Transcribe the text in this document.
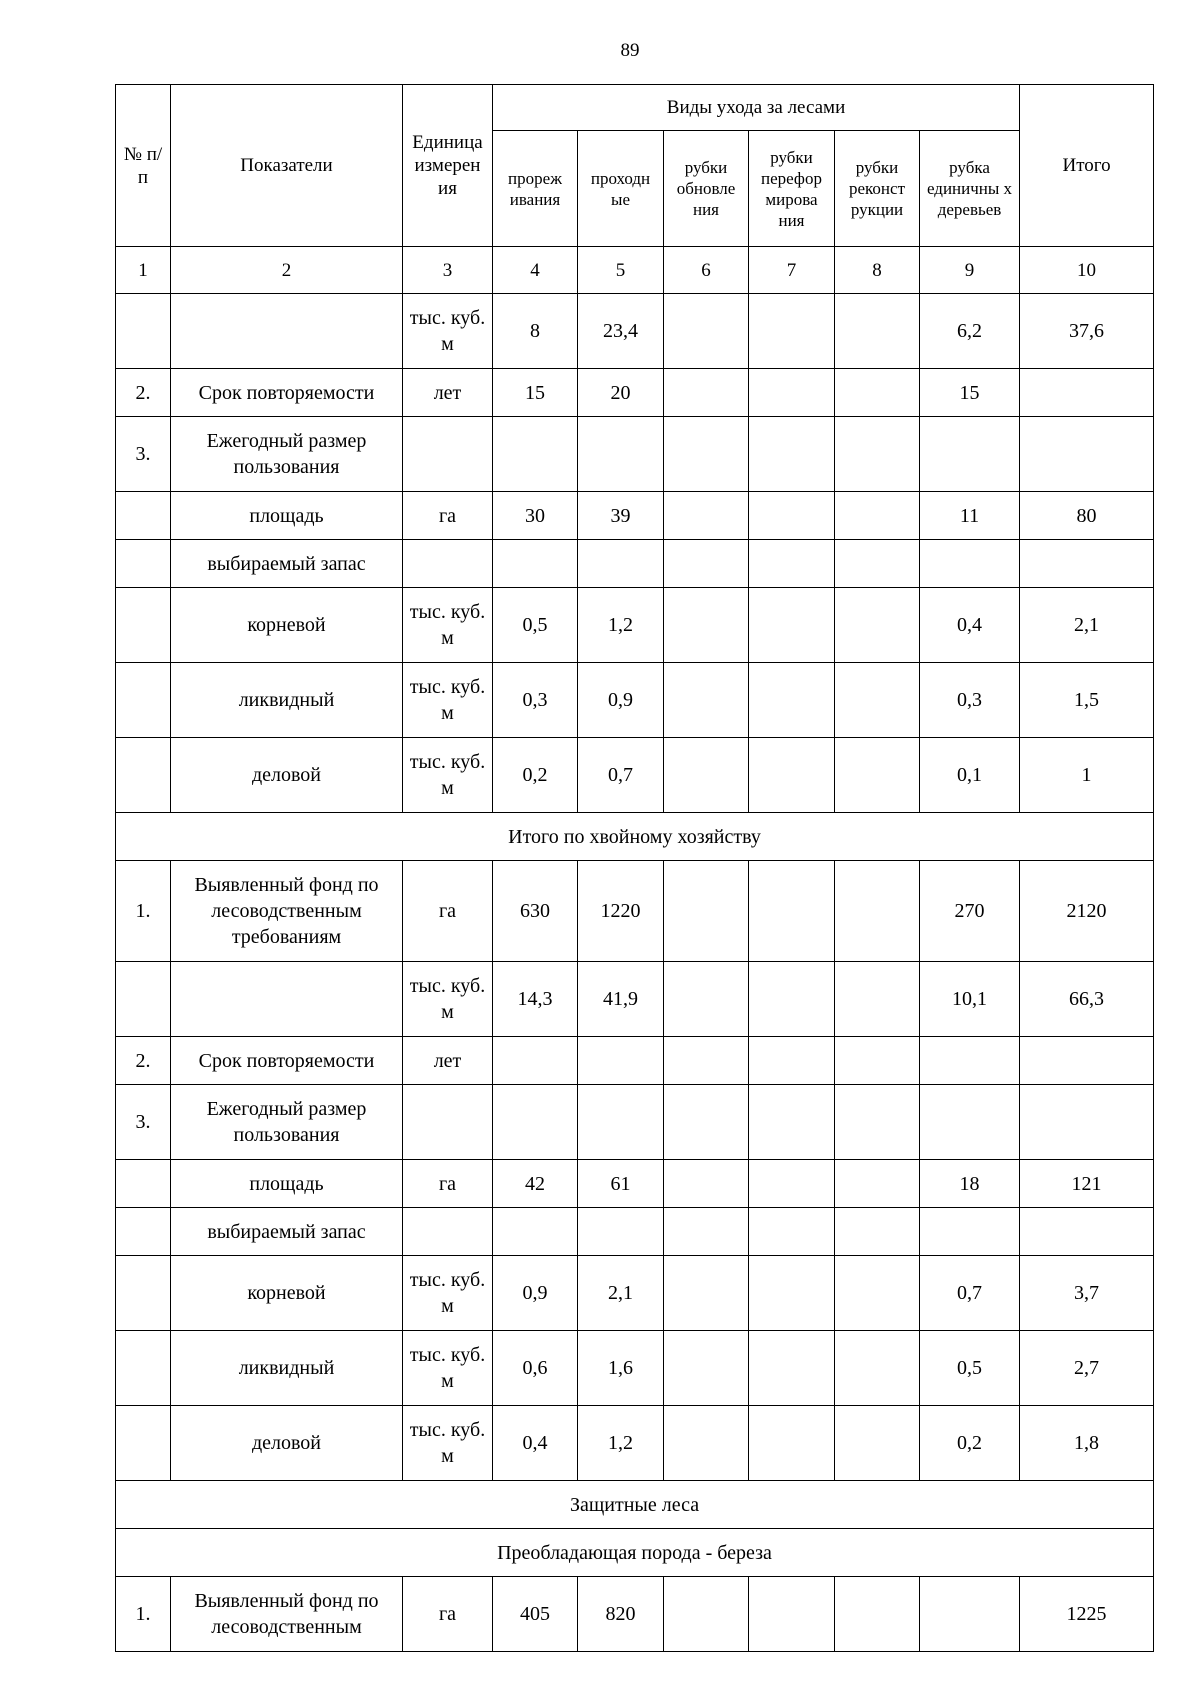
89
№ п/п	Показатели	Единица измерен ия	Виды ухода за лесами						Итого
			прореж ивания	проходн ые	рубки обновле ния	рубки перефор мирова ния	рубки реконст рукции	рубка единичны х деревьев	
1	2	3	4	5	6	7	8	9	10
		тыс. куб. м	8	23,4				6,2	37,6
2.	Срок повторяемости	лет	15	20				15	
3.	Ежегодный размер пользования								
	площадь	га	30	39				11	80
	выбираемый запас								
	корневой	тыс. куб. м	0,5	1,2				0,4	2,1
	ликвидный	тыс. куб. м	0,3	0,9				0,3	1,5
	деловой	тыс. куб. м	0,2	0,7				0,1	1
Итого по хвойному хозяйству									
1.	Выявленный фонд по лесоводственным требованиям	га	630	1220				270	2120
		тыс. куб. м	14,3	41,9				10,1	66,3
2.	Срок повторяемости	лет							
3.	Ежегодный размер пользования								
	площадь	га	42	61				18	121
	выбираемый запас								
	корневой	тыс. куб. м	0,9	2,1				0,7	3,7
	ликвидный	тыс. куб. м	0,6	1,6				0,5	2,7
	деловой	тыс. куб. м	0,4	1,2				0,2	1,8
Защитные леса									
Преобладающая порода - береза									
1.	Выявленный фонд по лесоводственным	га	405	820					1225
